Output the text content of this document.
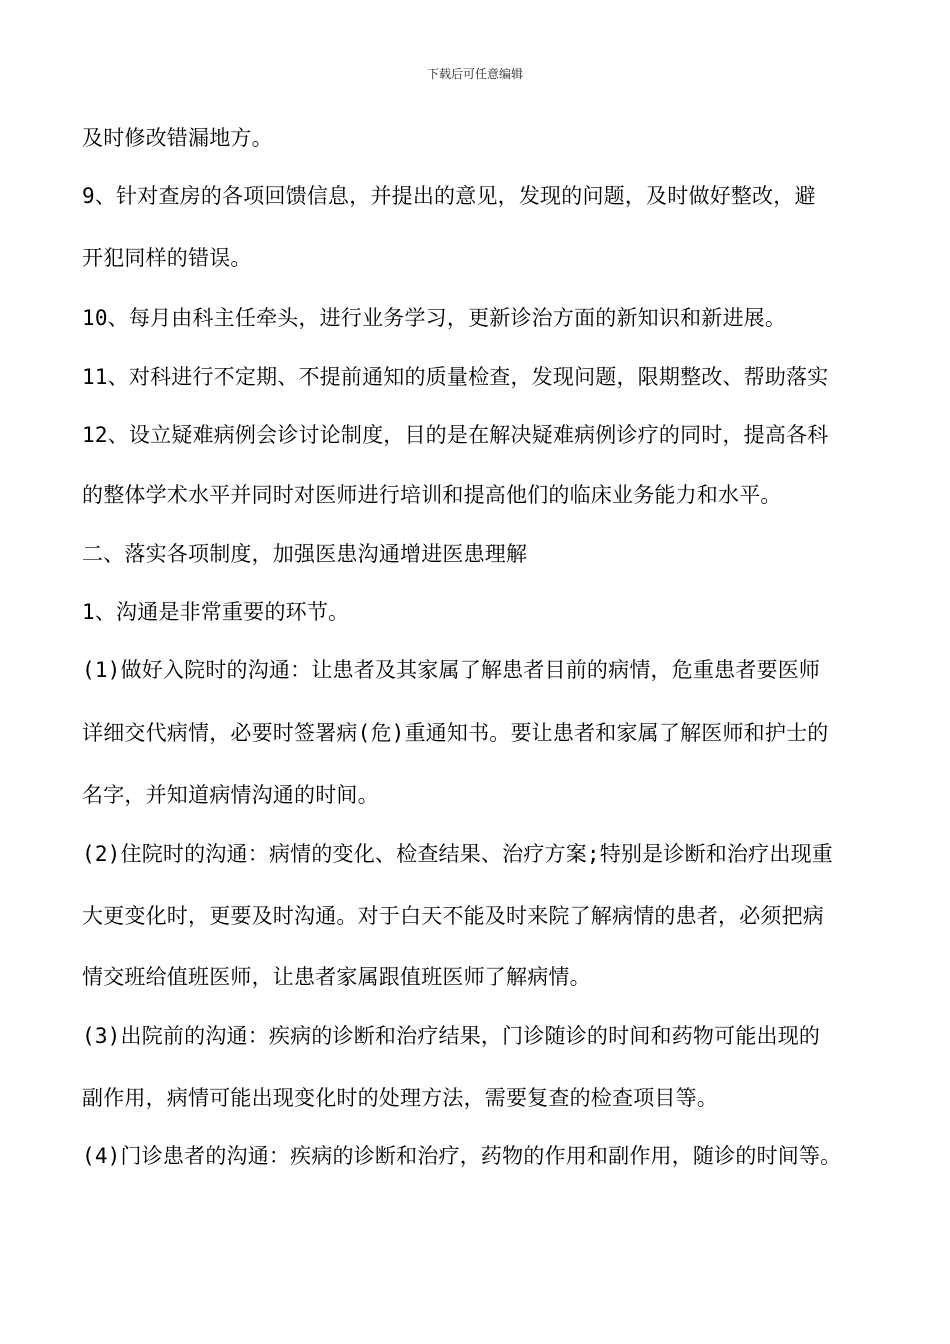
下载后可任意编辑
及时修改错漏地方。
9、针对查房的各项回馈信息，并提出的意见，发现的问题，及时做好整改，避
开犯同样的错误。
10、每月由科主任牵头，进行业务学习，更新诊治方面的新知识和新进展。
11、对科进行不定期、不提前通知的质量检查，发现问题，限期整改、帮助落实
12、设立疑难病例会诊讨论制度，目的是在解决疑难病例诊疗的同时，提高各科
的整体学术水平并同时对医师进行培训和提高他们的临床业务能力和水平。
二、落实各项制度，加强医患沟通增进医患理解
1、沟通是非常重要的环节。
(1)做好入院时的沟通：让患者及其家属了解患者目前的病情，危重患者要医师
详细交代病情，必要时签署病(危)重通知书。要让患者和家属了解医师和护士的
名字，并知道病情沟通的时间。
(2)住院时的沟通：病情的变化、检查结果、治疗方案;特别是诊断和治疗出现重
大更变化时，更要及时沟通。对于白天不能及时来院了解病情的患者，必须把病
情交班给值班医师，让患者家属跟值班医师了解病情。
(3)出院前的沟通：疾病的诊断和治疗结果，门诊随诊的时间和药物可能出现的
副作用，病情可能出现变化时的处理方法，需要复查的检查项目等。
(4)门诊患者的沟通：疾病的诊断和治疗，药物的作用和副作用，随诊的时间等。
